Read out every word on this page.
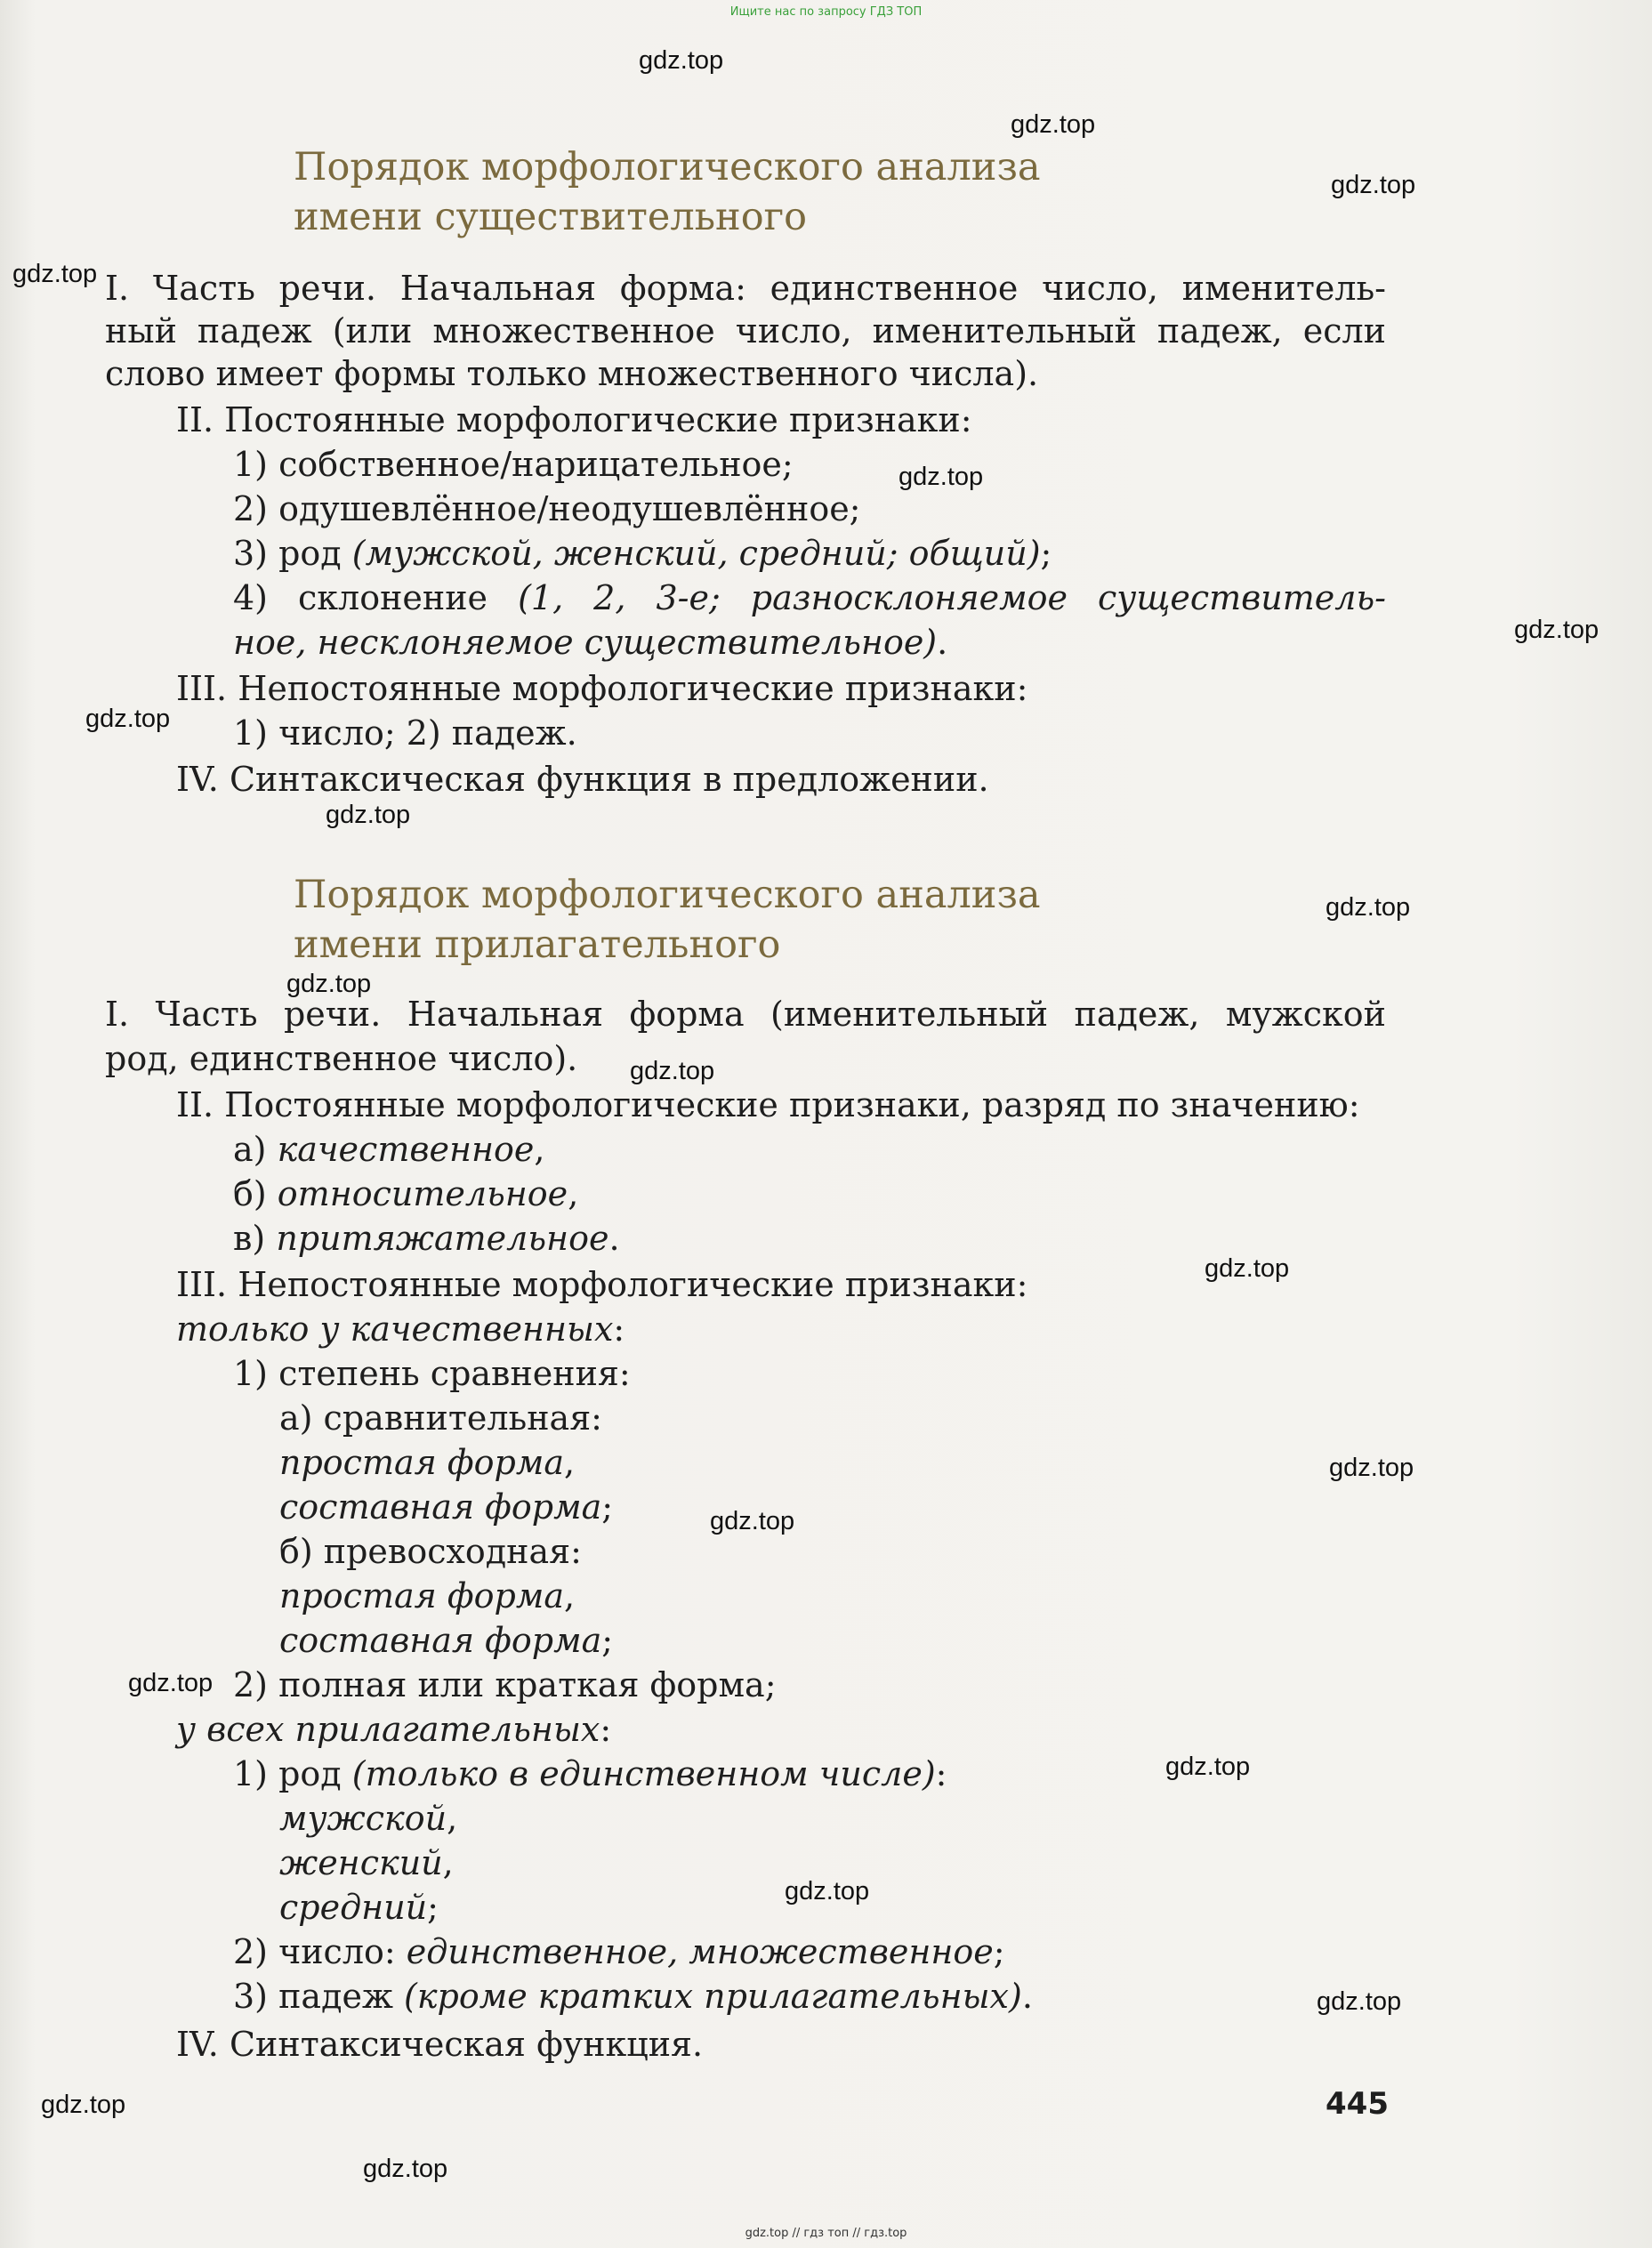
Ищите нас по запросу ГДЗ ТОП
Порядок морфологического анализа
имени существительного
I. Часть речи. Начальная форма: единственное число, именитель-
ный падеж (или множественное число, именительный падеж, если
слово имеет формы только множественного числа).
II. Постоянные морфологические признаки:
1) собственное/нарицательное;
2) одушевлённое/неодушевлённое;
3) род (мужской, женский, средний; общий);
4) склонение (1, 2, 3-е; разносклоняемое существитель-
ное, несклоняемое существительное).
III. Непостоянные морфологические признаки:
1) число; 2) падеж.
IV. Синтаксическая функция в предложении.
Порядок морфологического анализа
имени прилагательного
I. Часть речи. Начальная форма (именительный падеж, мужской
род, единственное число).
II. Постоянные морфологические признаки, разряд по значению:
а) качественное,
б) относительное,
в) притяжательное.
III. Непостоянные морфологические признаки:
только у качественных:
1) степень сравнения:
а) сравнительная:
простая форма,
составная форма;
б) превосходная:
простая форма,
составная форма;
2) полная или краткая форма;
у всех прилагательных:
1) род (только в единственном числе):
мужской,
женский,
средний;
2) число: единственное, множественное;
3) падеж (кроме кратких прилагательных).
IV. Синтаксическая функция.
445
gdz.top
gdz.top
gdz.top
gdz.top
gdz.top
gdz.top
gdz.top
gdz.top
gdz.top
gdz.top
gdz.top
gdz.top
gdz.top
gdz.top
gdz.top
gdz.top
gdz.top
gdz.top
gdz.top
gdz.top
gdz.top // гдз топ // гдз.top
